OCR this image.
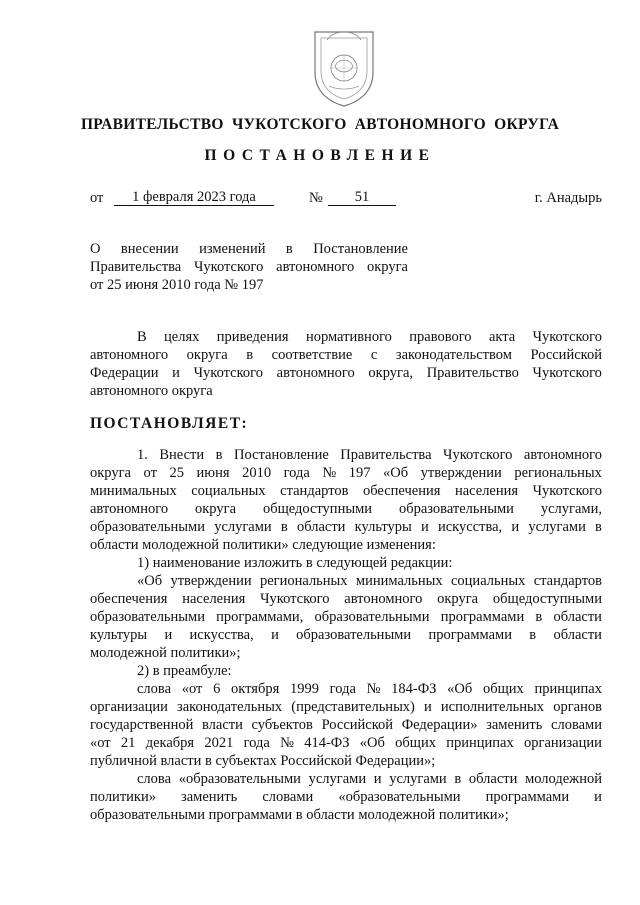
ПРАВИТЕЛЬСТВО ЧУКОТСКОГО АВТОНОМНОГО ОКРУГА
ПОСТАНОВЛЕНИЕ
от	1 февраля 2023 года	№	51	г. Анадырь
О внесении изменений в Постановление
Правительства Чукотского автономного округа
от 25 июня 2010 года № 197
В целях приведения нормативного правового акта Чукотского
автономного округа в соответствие с законодательством Российской
Федерации и Чукотского автономного округа, Правительство Чукотского
автономного округа
ПОСТАНОВЛЯЕТ:
1. Внести в Постановление Правительства Чукотского автономного
округа от 25 июня 2010 года № 197 «Об утверждении региональных
минимальных социальных стандартов обеспечения населения Чукотского
автономного округа общедоступными образовательными услугами,
образовательными услугами в области культуры и искусства, и услугами в
области молодежной политики» следующие изменения:
1) наименование изложить в следующей редакции:
«Об утверждении региональных минимальных социальных стандартов
обеспечения населения Чукотского автономного округа общедоступными
образовательными программами, образовательными программами в области
культуры и искусства, и образовательными программами в области
молодежной политики»;
2) в преамбуле:
слова «от 6 октября 1999 года № 184-ФЗ «Об общих принципах
организации законодательных (представительных) и исполнительных органов
государственной власти субъектов Российской Федерации» заменить словами
«от 21 декабря 2021 года № 414-ФЗ «Об общих принципах организации
публичной власти в субъектах Российской Федерации»;
слова «образовательными услугами и услугами в области молодежной
политики» заменить словами «образовательными программами и
образовательными программами в области молодежной политики»;
